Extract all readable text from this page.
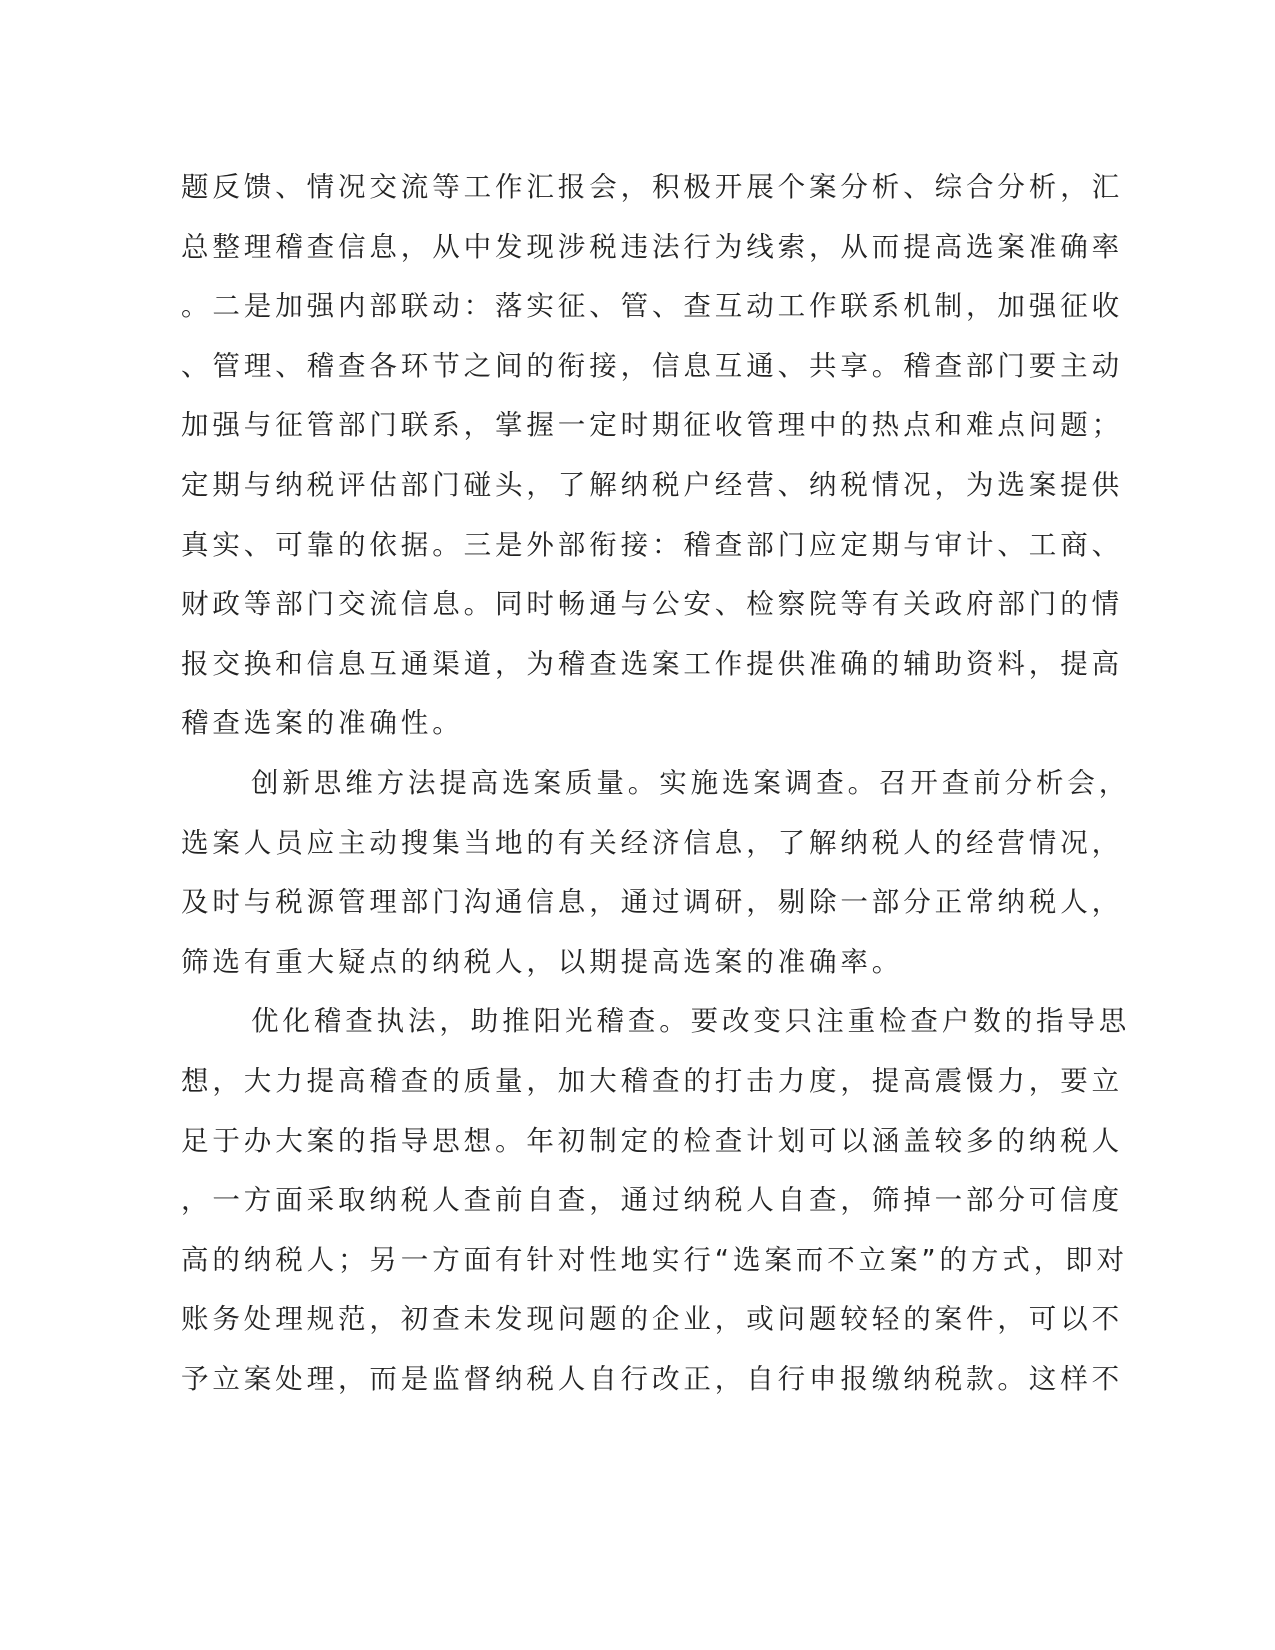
题反馈、情况交流等工作汇报会，积极开展个案分析、综合分析，汇
总整理稽查信息，从中发现涉税违法行为线索，从而提高选案准确率
。二是加强内部联动：落实征、管、查互动工作联系机制，加强征收
、管理、稽查各环节之间的衔接，信息互通、共享。稽查部门要主动
加强与征管部门联系，掌握一定时期征收管理中的热点和难点问题；
定期与纳税评估部门碰头，了解纳税户经营、纳税情况，为选案提供
真实、可靠的依据。三是外部衔接：稽查部门应定期与审计、工商、
财政等部门交流信息。同时畅通与公安、检察院等有关政府部门的情
报交换和信息互通渠道，为稽查选案工作提供准确的辅助资料，提高
稽查选案的准确性。
创新思维方法提高选案质量。实施选案调查。召开查前分析会，
选案人员应主动搜集当地的有关经济信息，了解纳税人的经营情况，
及时与税源管理部门沟通信息，通过调研，剔除一部分正常纳税人，
筛选有重大疑点的纳税人，以期提高选案的准确率。
优化稽查执法，助推阳光稽查。要改变只注重检查户数的指导思
想，大力提高稽查的质量，加大稽查的打击力度，提高震慑力，要立
足于办大案的指导思想。年初制定的检查计划可以涵盖较多的纳税人
，一方面采取纳税人查前自查，通过纳税人自查，筛掉一部分可信度
高的纳税人；另一方面有针对性地实行“选案而不立案”的方式，即对
账务处理规范，初查未发现问题的企业，或问题较轻的案件，可以不
予立案处理，而是监督纳税人自行改正，自行申报缴纳税款。这样不
